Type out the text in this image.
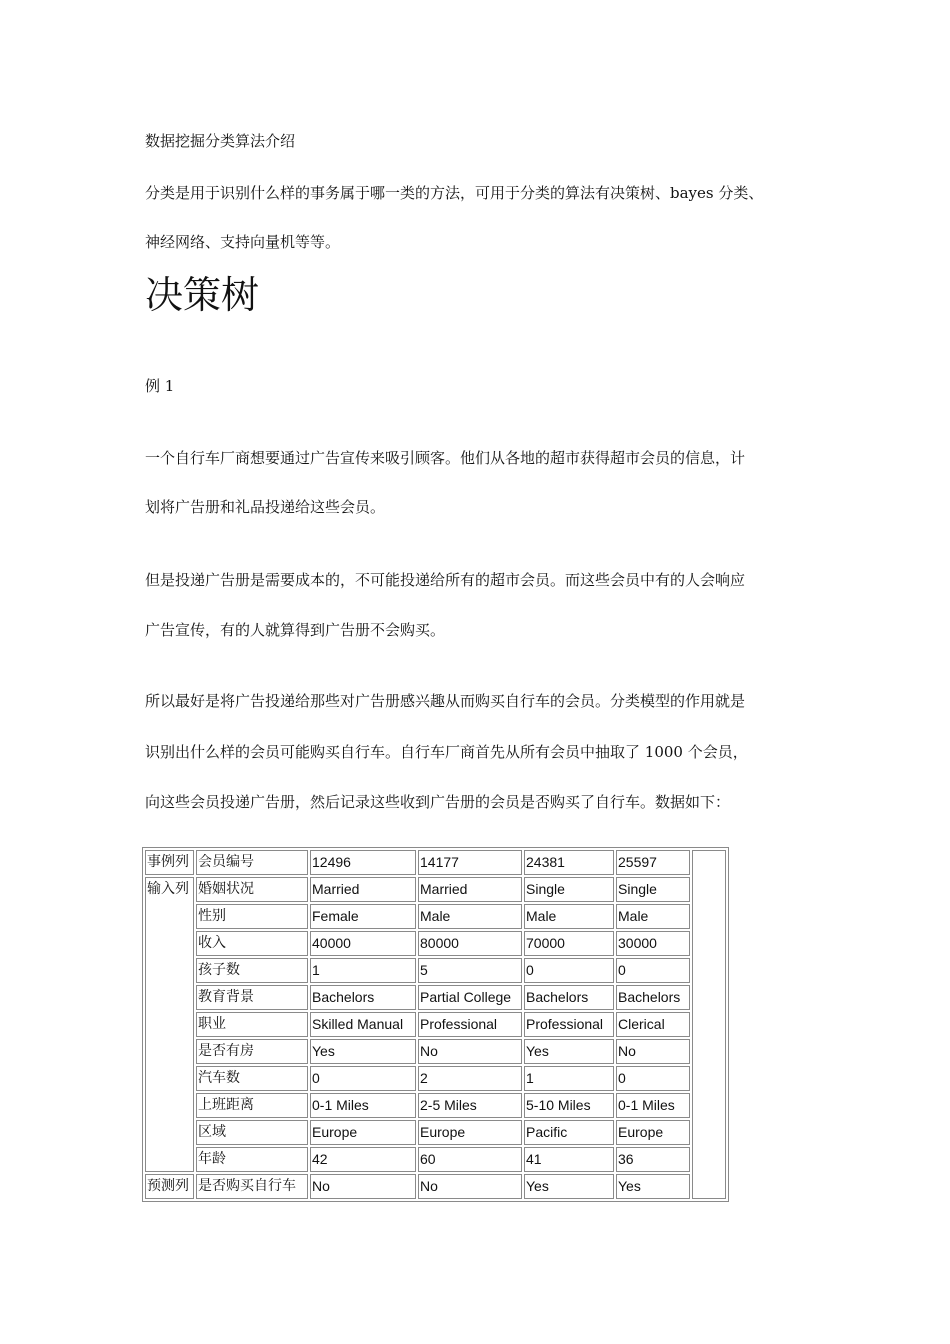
数据挖掘分类算法介绍

分类是用于识别什么样的事务属于哪一类的方法，可用于分类的算法有决策树、bayes 分类、

神经网络、支持向量机等等。

决策树

例 1

一个自行车厂商想要通过广告宣传来吸引顾客。他们从各地的超市获得超市会员的信息，计

划将广告册和礼品投递给这些会员。

但是投递广告册是需要成本的，不可能投递给所有的超市会员。而这些会员中有的人会响应

广告宣传，有的人就算得到广告册不会购买。

所以最好是将广告投递给那些对广告册感兴趣从而购买自行车的会员。分类模型的作用就是

识别出什么样的会员可能购买自行车。自行车厂商首先从所有会员中抽取了 1000 个会员，

向这些会员投递广告册，然后记录这些收到广告册的会员是否购买了自行车。数据如下：

事例列	会员编号	12496	14177	24381	25597	
输入列	婚姻状况	Married	Married	Single	Single	
	性别	Female	Male	Male	Male	
	收入	40000	80000	70000	30000	
	孩子数	1	5	0	0	
	教育背景	Bachelors	Partial College	Bachelors	Bachelors	
	职业	Skilled Manual	Professional	Professional	Clerical	
	是否有房	Yes	No	Yes	No	
	汽车数	0	2	1	0	
	上班距离	0-1 Miles	2-5 Miles	5-10 Miles	0-1 Miles	
	区域	Europe	Europe	Pacific	Europe	
	年龄	42	60	41	36	
预测列	是否购买自行车	No	No	Yes	Yes	
